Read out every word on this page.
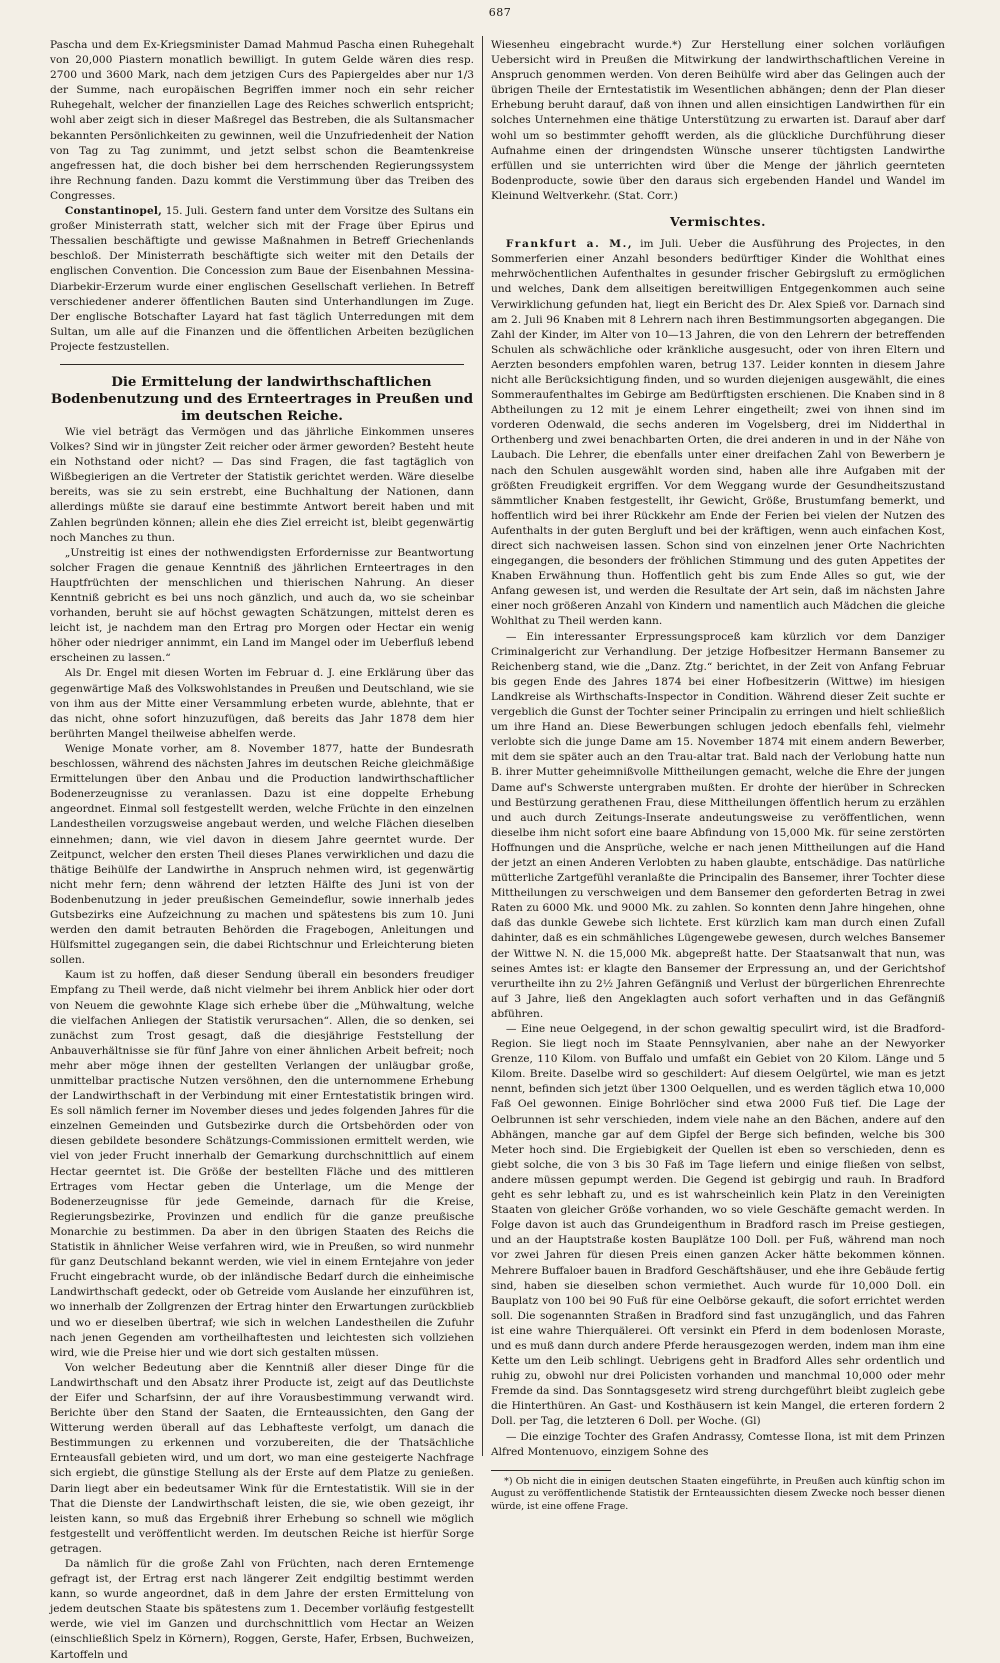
687

Pascha und dem Ex-Kriegsminister Damad Mahmud Pascha einen Ruhegehalt von 20,000 Piastern monatlich bewilligt. In gutem Gelde wären dies resp. 2700 und 3600 Mark, nach dem jetzigen Curs des Papiergeldes aber nur 1/3 der Summe, nach europäischen Begriffen immer noch ein sehr reicher Ruhegehalt, welcher der finanziellen Lage des Reiches schwerlich entspricht; wohl aber zeigt sich in dieser Maßregel das Bestreben, die als Sultansmacher bekannten Persönlichkeiten zu gewinnen, weil die Unzufriedenheit der Nation von Tag zu Tag zunimmt, und jetzt selbst schon die Beamtenkreise angefressen hat, die doch bisher bei dem herrschenden Regierungssystem ihre Rechnung fanden. Dazu kommt die Verstimmung über das Treiben des Congresses.

Constantinopel, 15. Juli. Gestern fand unter dem Vorsitze des Sultans ein großer Ministerrath statt, welcher sich mit der Frage über Epirus und Thessalien beschäftigte und gewisse Maßnahmen in Betreff Griechenlands beschloß. Der Ministerrath beschäftigte sich weiter mit den Details der englischen Convention. Die Concession zum Baue der Eisenbahnen Messina-Diarbekir-Erzerum wurde einer englischen Gesellschaft verliehen. In Betreff verschiedener anderer öffentlichen Bauten sind Unterhandlungen im Zuge. Der englische Botschafter Layard hat fast täglich Unterredungen mit dem Sultan, um alle auf die Finanzen und die öffentlichen Arbeiten bezüglichen Projecte festzustellen.

Die Ermittelung der landwirthschaftlichen Bodenbenutzung und des Ernteertrages in Preußen und im deutschen Reiche.

Wie viel beträgt das Vermögen und das jährliche Einkommen unseres Volkes? Sind wir in jüngster Zeit reicher oder ärmer geworden? Besteht heute ein Nothstand oder nicht? — Das sind Fragen, die fast tagtäglich von Wißbegierigen an die Vertreter der Statistik gerichtet werden. Wäre dieselbe bereits, was sie zu sein erstrebt, eine Buchhaltung der Nationen, dann allerdings müßte sie darauf eine bestimmte Antwort bereit haben und mit Zahlen begründen können; allein ehe dies Ziel erreicht ist, bleibt gegenwärtig noch Manches zu thun.

„Unstreitig ist eines der nothwendigsten Erfordernisse zur Beantwortung solcher Fragen die genaue Kenntniß des jährlichen Ernteertrages in den Hauptfrüchten der menschlichen und thierischen Nahrung. An dieser Kenntniß gebricht es bei uns noch gänzlich, und auch da, wo sie scheinbar vorhanden, beruht sie auf höchst gewagten Schätzungen, mittelst deren es leicht ist, je nachdem man den Ertrag pro Morgen oder Hectar ein wenig höher oder niedriger annimmt, ein Land im Mangel oder im Ueberfluß lebend erscheinen zu lassen.“

Als Dr. Engel mit diesen Worten im Februar d. J. eine Erklärung über das gegenwärtige Maß des Volkswohlstandes in Preußen und Deutschland, wie sie von ihm aus der Mitte einer Versammlung erbeten wurde, ablehnte, that er das nicht, ohne sofort hinzuzufügen, daß bereits das Jahr 1878 dem hier berührten Mangel theilweise abhelfen werde.

Wenige Monate vorher, am 8. November 1877, hatte der Bundesrath beschlossen, während des nächsten Jahres im deutschen Reiche gleichmäßige Ermittelungen über den Anbau und die Production landwirthschaftlicher Bodenerzeugnisse zu veranlassen. Dazu ist eine doppelte Erhebung angeordnet. Einmal soll festgestellt werden, welche Früchte in den einzelnen Landestheilen vorzugsweise angebaut werden, und welche Flächen dieselben einnehmen; dann, wie viel davon in diesem Jahre geerntet wurde. Der Zeitpunct, welcher den ersten Theil dieses Planes verwirklichen und dazu die thätige Beihülfe der Landwirthe in Anspruch nehmen wird, ist gegenwärtig nicht mehr fern; denn während der letzten Hälfte des Juni ist von der Bodenbenutzung in jeder preußischen Gemeindeflur, sowie innerhalb jedes Gutsbezirks eine Aufzeichnung zu machen und spätestens bis zum 10. Juni werden den damit betrauten Behörden die Fragebogen, Anleitungen und Hülfsmittel zugegangen sein, die dabei Richtschnur und Erleichterung bieten sollen.

Kaum ist zu hoffen, daß dieser Sendung überall ein besonders freudiger Empfang zu Theil werde, daß nicht vielmehr bei ihrem Anblick hier oder dort von Neuem die gewohnte Klage sich erhebe über die „Mühwaltung, welche die vielfachen Anliegen der Statistik verursachen“. Allen, die so denken, sei zunächst zum Trost gesagt, daß die diesjährige Feststellung der Anbauverhältnisse sie für fünf Jahre von einer ähnlichen Arbeit befreit; noch mehr aber möge ihnen der gestellten Verlangen der unläugbar große, unmittelbar practische Nutzen versöhnen, den die unternommene Erhebung der Landwirthschaft in der Verbindung mit einer Erntestatistik bringen wird. Es soll nämlich ferner im November dieses und jedes folgenden Jahres für die einzelnen Gemeinden und Gutsbezirke durch die Ortsbehörden oder von diesen gebildete besondere Schätzungs-Commissionen ermittelt werden, wie viel von jeder Frucht innerhalb der Gemarkung durchschnittlich auf einem Hectar geerntet ist. Die Größe der bestellten Fläche und des mittleren Ertrages vom Hectar geben die Unterlage, um die Menge der Bodenerzeugnisse für jede Gemeinde, darnach für die Kreise, Regierungsbezirke, Provinzen und endlich für die ganze preußische Monarchie zu bestimmen. Da aber in den übrigen Staaten des Reichs die Statistik in ähnlicher Weise verfahren wird, wie in Preußen, so wird nunmehr für ganz Deutschland bekannt werden, wie viel in einem Erntejahre von jeder Frucht eingebracht wurde, ob der inländische Bedarf durch die einheimische Landwirthschaft gedeckt, oder ob Getreide vom Auslande her einzuführen ist, wo innerhalb der Zollgrenzen der Ertrag hinter den Erwartungen zurückblieb und wo er dieselben übertraf; wie sich in welchen Landestheilen die Zufuhr nach jenen Gegenden am vortheilhaftesten und leichtesten sich vollziehen wird, wie die Preise hier und wie dort sich gestalten müssen.

Von welcher Bedeutung aber die Kenntniß aller dieser Dinge für die Landwirthschaft und den Absatz ihrer Producte ist, zeigt auf das Deutlichste der Eifer und Scharfsinn, der auf ihre Vorausbestimmung verwandt wird. Berichte über den Stand der Saaten, die Ernteaussichten, den Gang der Witterung werden überall auf das Lebhafteste verfolgt, um danach die Bestimmungen zu erkennen und vorzubereiten, die der Thatsächliche Ernteausfall gebieten wird, und um dort, wo man eine gesteigerte Nachfrage sich ergiebt, die günstige Stellung als der Erste auf dem Platze zu genießen. Darin liegt aber ein bedeutsamer Wink für die Erntestatistik. Will sie in der That die Dienste der Landwirthschaft leisten, die sie, wie oben gezeigt, ihr leisten kann, so muß das Ergebniß ihrer Erhebung so schnell wie möglich festgestellt und veröffentlicht werden. Im deutschen Reiche ist hierfür Sorge getragen.

Da nämlich für die große Zahl von Früchten, nach deren Erntemenge gefragt ist, der Ertrag erst nach längerer Zeit endgiltig bestimmt werden kann, so wurde angeordnet, daß in dem Jahre der ersten Ermittelung von jedem deutschen Staate bis spätestens zum 1. December vorläufig festgestellt werde, wie viel im Ganzen und durchschnittlich vom Hectar an Weizen (einschließlich Spelz in Körnern), Roggen, Gerste, Hafer, Erbsen, Buchweizen, Kartoffeln und

Wiesenheu eingebracht wurde.*) Zur Herstellung einer solchen vorläufigen Uebersicht wird in Preußen die Mitwirkung der landwirthschaftlichen Vereine in Anspruch genommen werden. Von deren Beihülfe wird aber das Gelingen auch der übrigen Theile der Erntestatistik im Wesentlichen abhängen; denn der Plan dieser Erhebung beruht darauf, daß von ihnen und allen einsichtigen Landwirthen für ein solches Unternehmen eine thätige Unterstützung zu erwarten ist. Darauf aber darf wohl um so bestimmter gehofft werden, als die glückliche Durchführung dieser Aufnahme einen der dringendsten Wünsche unserer tüchtigsten Landwirthe erfüllen und sie unterrichten wird über die Menge der jährlich geernteten Bodenproducte, sowie über den daraus sich ergebenden Handel und Wandel im Kleinund Weltverkehr. (Stat. Corr.)

Vermischtes.

Frankfurt a. M., im Juli. Ueber die Ausführung des Projectes, in den Sommerferien einer Anzahl besonders bedürftiger Kinder die Wohlthat eines mehrwöchentlichen Aufenthaltes in gesunder frischer Gebirgsluft zu ermöglichen und welches, Dank dem allseitigen bereitwilligen Entgegenkommen auch seine Verwirklichung gefunden hat, liegt ein Bericht des Dr. Alex Spieß vor. Darnach sind am 2. Juli 96 Knaben mit 8 Lehrern nach ihren Bestimmungsorten abgegangen. Die Zahl der Kinder, im Alter von 10—13 Jahren, die von den Lehrern der betreffenden Schulen als schwächliche oder kränkliche ausgesucht, oder von ihren Eltern und Aerzten besonders empfohlen waren, betrug 137. Leider konnten in diesem Jahre nicht alle Berücksichtigung finden, und so wurden diejenigen ausgewählt, die eines Sommeraufenthaltes im Gebirge am Bedürftigsten erschienen. Die Knaben sind in 8 Abtheilungen zu 12 mit je einem Lehrer eingetheilt; zwei von ihnen sind im vorderen Odenwald, die sechs anderen im Vogelsberg, drei im Nidderthal in Orthenberg und zwei benachbarten Orten, die drei anderen in und in der Nähe von Laubach. Die Lehrer, die ebenfalls unter einer dreifachen Zahl von Bewerbern je nach den Schulen ausgewählt worden sind, haben alle ihre Aufgaben mit der größten Freudigkeit ergriffen. Vor dem Weggang wurde der Gesundheitszustand sämmtlicher Knaben festgestellt, ihr Gewicht, Größe, Brustumfang bemerkt, und hoffentlich wird bei ihrer Rückkehr am Ende der Ferien bei vielen der Nutzen des Aufenthalts in der guten Bergluft und bei der kräftigen, wenn auch einfachen Kost, direct sich nachweisen lassen. Schon sind von einzelnen jener Orte Nachrichten eingegangen, die besonders der fröhlichen Stimmung und des guten Appetites der Knaben Erwähnung thun. Hoffentlich geht bis zum Ende Alles so gut, wie der Anfang gewesen ist, und werden die Resultate der Art sein, daß im nächsten Jahre einer noch größeren Anzahl von Kindern und namentlich auch Mädchen die gleiche Wohlthat zu Theil werden kann.

— Ein interessanter Erpressungsproceß kam kürzlich vor dem Danziger Criminalgericht zur Verhandlung. Der jetzige Hofbesitzer Hermann Bansemer zu Reichenberg stand, wie die „Danz. Ztg.“ berichtet, in der Zeit von Anfang Februar bis gegen Ende des Jahres 1874 bei einer Hofbesitzerin (Wittwe) im hiesigen Landkreise als Wirthschafts-Inspector in Condition. Während dieser Zeit suchte er vergeblich die Gunst der Tochter seiner Principalin zu erringen und hielt schließlich um ihre Hand an. Diese Bewerbungen schlugen jedoch ebenfalls fehl, vielmehr verlobte sich die junge Dame am 15. November 1874 mit einem andern Bewerber, mit dem sie später auch an den Trau-altar trat. Bald nach der Verlobung hatte nun B. ihrer Mutter geheimnißvolle Mittheilungen gemacht, welche die Ehre der jungen Dame auf's Schwerste untergraben mußten. Er drohte der hierüber in Schrecken und Bestürzung gerathenen Frau, diese Mittheilungen öffentlich herum zu erzählen und auch durch Zeitungs-Inserate andeutungsweise zu veröffentlichen, wenn dieselbe ihm nicht sofort eine baare Abfindung von 15,000 Mk. für seine zerstörten Hoffnungen und die Ansprüche, welche er nach jenen Mittheilungen auf die Hand der jetzt an einen Anderen Verlobten zu haben glaubte, entschädige. Das natürliche mütterliche Zartgefühl veranlaßte die Principalin des Bansemer, ihrer Tochter diese Mittheilungen zu verschweigen und dem Bansemer den geforderten Betrag in zwei Raten zu 6000 Mk. und 9000 Mk. zu zahlen. So konnten denn Jahre hingehen, ohne daß das dunkle Gewebe sich lichtete. Erst kürzlich kam man durch einen Zufall dahinter, daß es ein schmähliches Lügengewebe gewesen, durch welches Bansemer der Wittwe N. N. die 15,000 Mk. abgepreßt hatte. Der Staatsanwalt that nun, was seines Amtes ist: er klagte den Bansemer der Erpressung an, und der Gerichtshof verurtheilte ihn zu 2½ Jahren Gefängniß und Verlust der bürgerlichen Ehrenrechte auf 3 Jahre, ließ den Angeklagten auch sofort verhaften und in das Gefängniß abführen.

— Eine neue Oelgegend, in der schon gewaltig speculirt wird, ist die Bradford-Region. Sie liegt noch im Staate Pennsylvanien, aber nahe an der Newyorker Grenze, 110 Kilom. von Buffalo und umfaßt ein Gebiet von 20 Kilom. Länge und 5 Kilom. Breite. Daselbe wird so geschildert: Auf diesem Oelgürtel, wie man es jetzt nennt, befinden sich jetzt über 1300 Oelquellen, und es werden täglich etwa 10,000 Faß Oel gewonnen. Einige Bohrlöcher sind etwa 2000 Fuß tief. Die Lage der Oelbrunnen ist sehr verschieden, indem viele nahe an den Bächen, andere auf den Abhängen, manche gar auf dem Gipfel der Berge sich befinden, welche bis 300 Meter hoch sind. Die Ergiebigkeit der Quellen ist eben so verschieden, denn es giebt solche, die von 3 bis 30 Faß im Tage liefern und einige fließen von selbst, andere müssen gepumpt werden. Die Gegend ist gebirgig und rauh. In Bradford geht es sehr lebhaft zu, und es ist wahrscheinlich kein Platz in den Vereinigten Staaten von gleicher Größe vorhanden, wo so viele Geschäfte gemacht werden. In Folge davon ist auch das Grundeigenthum in Bradford rasch im Preise gestiegen, und an der Hauptstraße kosten Bauplätze 100 Doll. per Fuß, während man noch vor zwei Jahren für diesen Preis einen ganzen Acker hätte bekommen können. Mehrere Buffaloer bauen in Bradford Geschäftshäuser, und ehe ihre Gebäude fertig sind, haben sie dieselben schon vermiethet. Auch wurde für 10,000 Doll. ein Bauplatz von 100 bei 90 Fuß für eine Oelbörse gekauft, die sofort errichtet werden soll. Die sogenannten Straßen in Bradford sind fast unzugänglich, und das Fahren ist eine wahre Thierquälerei. Oft versinkt ein Pferd in dem bodenlosen Moraste, und es muß dann durch andere Pferde herausgezogen werden, indem man ihm eine Kette um den Leib schlingt. Uebrigens geht in Bradford Alles sehr ordentlich und ruhig zu, obwohl nur drei Policisten vorhanden und manchmal 10,000 oder mehr Fremde da sind. Das Sonntagsgesetz wird streng durchgeführt bleibt zugleich gebe die Hinterthüren. An Gast- und Kosthäusern ist kein Mangel, die erteren fordern 2 Doll. per Tag, die letzteren 6 Doll. per Woche. (Gl)

— Die einzige Tochter des Grafen Andrassy, Comtesse Ilona, ist mit dem Prinzen Alfred Montenuovo, einzigem Sohne des

*) Ob nicht die in einigen deutschen Staaten eingeführte, in Preußen auch künftig schon im August zu veröffentlichende Statistik der Ernteaussichten diesem Zwecke noch besser dienen würde, ist eine offene Frage.
